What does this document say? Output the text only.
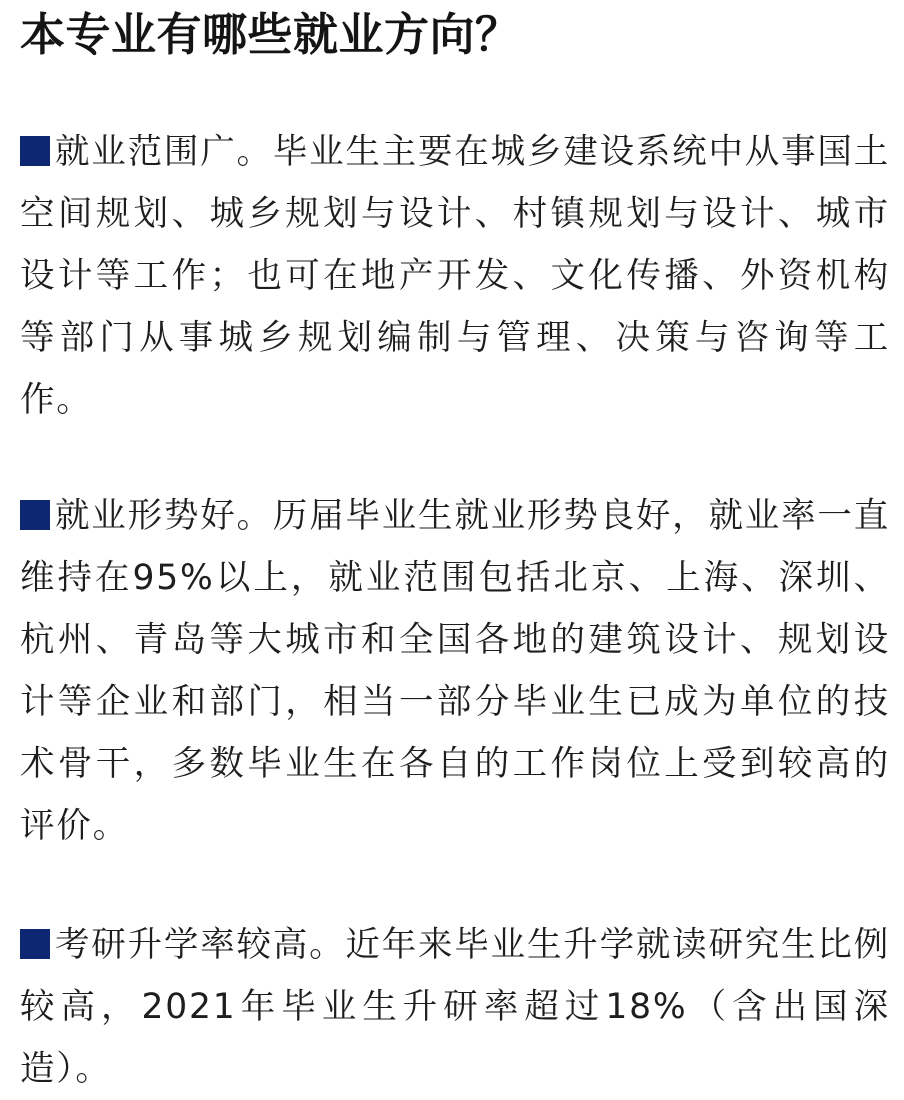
本专业有哪些就业方向？

就业范围广。毕业生主要在城乡建设系统中从事国土空间规划、城乡规划与设计、村镇规划与设计、城市设计等工作；也可在地产开发、文化传播、外资机构等部门从事城乡规划编制与管理、决策与咨询等工作。

就业形势好。历届毕业生就业形势良好，就业率一直维持在95%以上，就业范围包括北京、上海、深圳、杭州、青岛等大城市和全国各地的建筑设计、规划设计等企业和部门，相当一部分毕业生已成为单位的技术骨干，多数毕业生在各自的工作岗位上受到较高的评价。

考研升学率较高。近年来毕业生升学就读研究生比例较高，2021年毕业生升研率超过18%（含出国深造）。
